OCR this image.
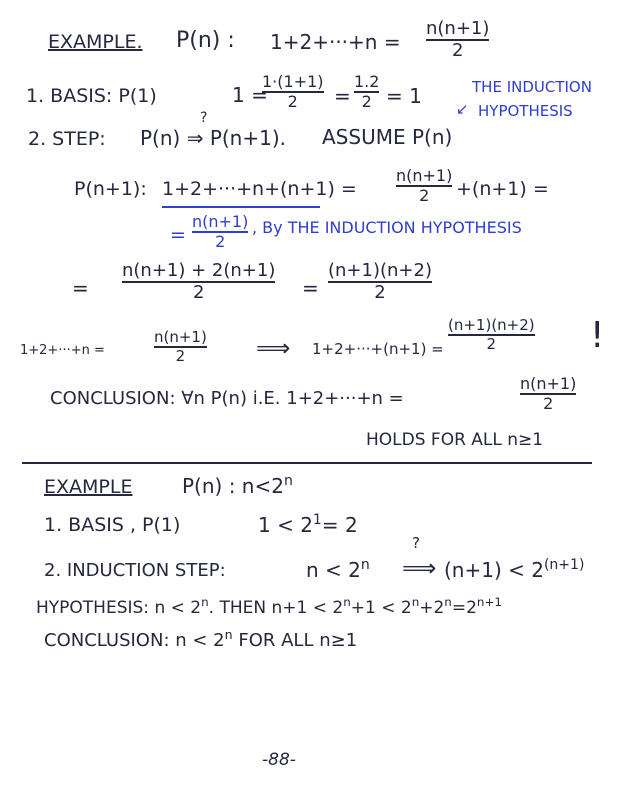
EXAMPLE. P(n) : 1+2+···+n =
n(n+1)
2
1. BASIS: P(1)	1 =
1·(1+1)
2 =
1.2
2 = 1	THE INDUCTION
↙ HYPOTHESIS
2. STEP: P(n) ⇒ P(n+1).
?
ASSUME P(n)
P(n+1): 1+2+···+n+(n+1) =
n(n+1)
2 +(n+1) =
=
n(n+1)
2
, By THE INDUCTION HYPOTHESIS
=
n(n+1) + 2(n+1)
2	=
(n+1)(n+2)
2
1+2+···+n =
n(n+1)
2	⟹ 1+2+···+(n+1) =
(n+1)(n+2)
2	!
CONCLUSION: ∀n P(n) i.E. 1+2+···+n =
n(n+1)
2
HOLDS FOR ALL n≥1
EXAMPLE P(n) : $n<2^n$
1. BASIS , P(1)	$1 < 2^1= 2$
2. INDUCTION STEP:	$n < 2^n$ ⟹
?
$(n+1) < 2^{(n+1)}$
HYPOTHESIS: $n < 2^n$. THEN $n+1 < 2^n+1 < 2^n+2^n=2^{n+1}$
CONCLUSION: $n < 2^n$ FOR ALL n≥1
-88-
